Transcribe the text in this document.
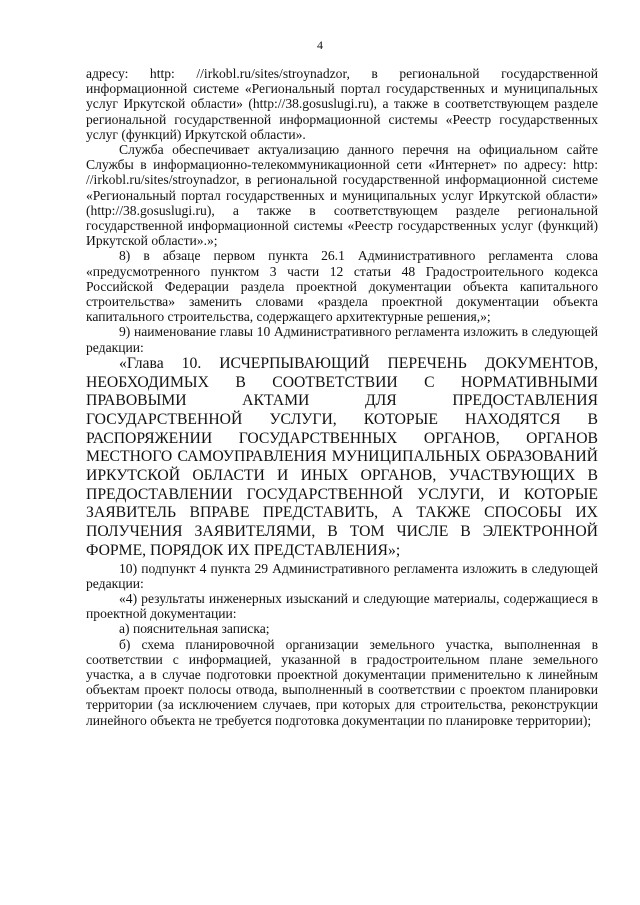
4

адресу: http: //irkobl.ru/sites/stroynadzor, в региональной государственной информационной системе «Региональный портал государственных и муниципальных услуг Иркутской области» (http://38.gosuslugi.ru), а также в соответствующем разделе региональной государственной информационной системы «Реестр государственных услуг (функций) Иркутской области».

Служба обеспечивает актуализацию данного перечня на официальном сайте Службы в информационно-телекоммуникационной сети «Интернет» по адресу: http: //irkobl.ru/sites/stroynadzor, в региональной государственной информационной системе «Региональный портал государственных и муниципальных услуг Иркутской области» (http://38.gosuslugi.ru), а также в соответствующем разделе региональной государственной информационной системы «Реестр государственных услуг (функций) Иркутской области».»;

8) в абзаце первом пункта 26.1 Административного регламента слова «предусмотренного пунктом 3 части 12 статьи 48 Градостроительного кодекса Российской Федерации раздела проектной документации объекта капитального строительства» заменить словами «раздела проектной документации объекта капитального строительства, содержащего архитектурные решения,»;

9) наименование главы 10 Административного регламента изложить в следующей редакции:

«Глава 10. ИСЧЕРПЫВАЮЩИЙ ПЕРЕЧЕНЬ ДОКУМЕНТОВ, НЕОБХОДИМЫХ В СООТВЕТСТВИИ С НОРМАТИВНЫМИ ПРАВОВЫМИ АКТАМИ ДЛЯ ПРЕДОСТАВЛЕНИЯ ГОСУДАРСТВЕННОЙ УСЛУГИ, КОТОРЫЕ НАХОДЯТСЯ В РАСПОРЯЖЕНИИ ГОСУДАРСТВЕННЫХ ОРГАНОВ, ОРГАНОВ МЕСТНОГО САМОУПРАВЛЕНИЯ МУНИЦИПАЛЬНЫХ ОБРАЗОВАНИЙ ИРКУТСКОЙ ОБЛАСТИ И ИНЫХ ОРГАНОВ, УЧАСТВУЮЩИХ В ПРЕДОСТАВЛЕНИИ ГОСУДАРСТВЕННОЙ УСЛУГИ, И КОТОРЫЕ ЗАЯВИТЕЛЬ ВПРАВЕ ПРЕДСТАВИТЬ, А ТАКЖЕ СПОСОБЫ ИХ ПОЛУЧЕНИЯ ЗАЯВИТЕЛЯМИ, В ТОМ ЧИСЛЕ В ЭЛЕКТРОННОЙ ФОРМЕ, ПОРЯДОК ИХ ПРЕДСТАВЛЕНИЯ»;

10) подпункт 4 пункта 29 Административного регламента изложить в следующей редакции:

«4) результаты инженерных изысканий и следующие материалы, содержащиеся в проектной документации:

а) пояснительная записка;

б) схема планировочной организации земельного участка, выполненная в соответствии с информацией, указанной в градостроительном плане земельного участка, а в случае подготовки проектной документации применительно к линейным объектам проект полосы отвода, выполненный в соответствии с проектом планировки территории (за исключением случаев, при которых для строительства, реконструкции линейного объекта не требуется подготовка документации по планировке территории);
